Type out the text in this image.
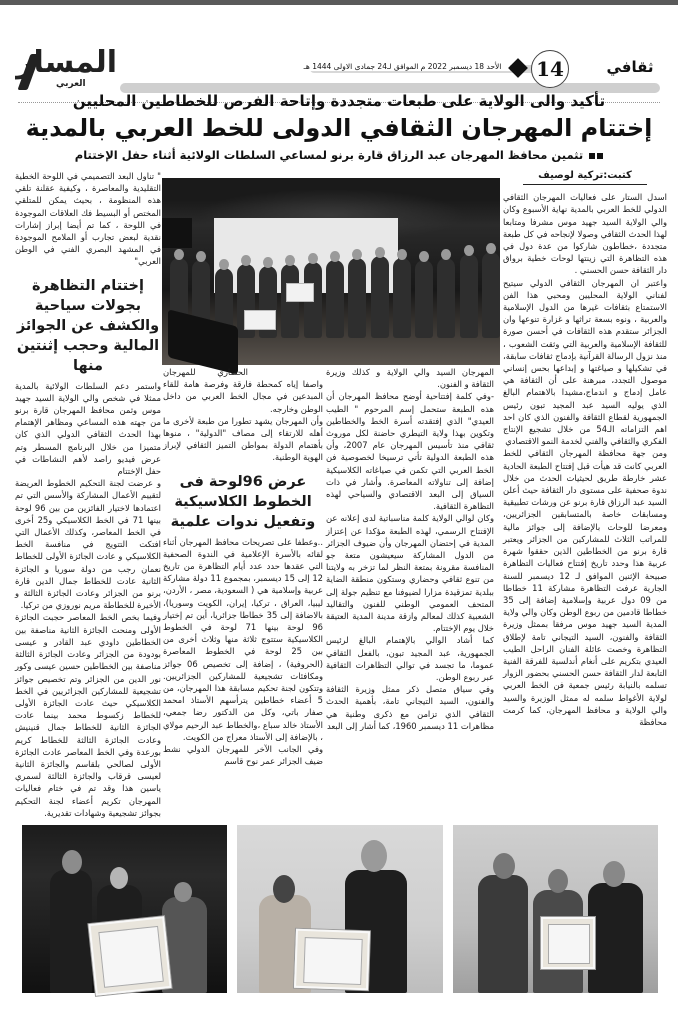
المسار
العربي
الأحد 18 ديسمبر 2022 م الموافق لـ24 جمادى الاولى 1444 هـ	14	ثقافي
تأكيد والى الولاية على طبعات متجددة وإتاحة الفرص للخطاطين المحليين
إختتام المهرجان الثقافي الدولى للخط العربي بالمدية
تثمين محافظ المهرجان عبد الرزاق قارة برنو لمساعي السلطات الولائية أثناء حفل الإختتام
كتبت:تركية لوصيف

اسدل الستار على فعاليات المهرجان الثقافي الدولي للخط العربي بالمدية نهاية الأسبوع وكان والي الولاية السيد جهيد موس مشرفا ومتابعا لهذا الحدث الثقافي وصولا لإنجاحه في كل طبعة متجددة ،خطاطون شاركوا من عدة دول في هذه التظاهرة التي زينتها لوحات خطية برواق دار الثقافة حسن الحسني .

واعتبر ان المهرجان الثقافي الدولي سيتيح لفناني الولاية المحليين ومحبي هذا الفن الاستمتاع بثقافات غيرها من الدول الإسلامية والعربية ، ونوه بسعة تراثها و غزارة تنوعها وان الجزائر ستقدم هذه الثقافات في أحسن صورة للثقافة الإسلامية والعربية التي وثقت الشعوب ، منذ نزول الرسالة القرآنية بإدماج ثقافات سابقة، في تشكيلها و صياغتها و إبداعها بحس إنساني موصول التجدد، مبرهنة على أن الثقافة هي عامل إدماج و اندماج،مشيدا بالاهتمام البالغ الذي يوليه السيد عبد المجيد تبون رئيس الجمهورية لقطاع الثقافة والفنون الذي كان احد اهم التزاماته الـ54 من خلال تشجيع الإنتاج الفكري والثقافي والفني لخدمة النمو الاقتصادي

ومن جهة محافظة المهرجان الثقافي للخط العربي كانت قد هيأت قبل إفتتاح الطبعة الحادية عشر خارطة طريق لحيثيات الحدث من خلال ندوة صحفية على مستوى دار الثقافة حيث أعلن السيد عبد الرزاق قارة برنو عن ورشات تطبيقية ومسابقات خاصة بالمتسابقين الجزائريين، ومعرضا للوحات بالإضافة إلى جوائز مالية للمراتب الثلاث للمشاركين من الجزائر ويعتبر قارة برنو من الخطاطين الذين حققوا شهرة عربية هذا وحدد تاريخ إفتتاح فعاليات التظاهرة صبيحة الإثنين الموافق لـ 12 ديسمبر للسنة الجارية عرفت التظاهرة مشاركة 11 خطاطا من 09 دول عربية وإسلامية إضافة إلى 35 خطاطا قادمين من ربوع الوطن وكان والي ولاية المدية السيد جهيد موس مرفقا بممثل وزيرة الثقافة والفنون، السيد التيجاني تامة لإطلاق التظاهرة وخصت عائلة الفنان الراحل الطيب العيدي بتكريم على أنغام أندلسية للفرقة الفنية التابعة لدار الثقافة حسن الحسني بحضور الزوار تسلمه بالنيابة رئيس جمعية فن الخط العربي لولاية الأغواط سلمه له ممثل الوزيرة والسيد والي الولاية و محافظ المهرجان، كما كرمت محافظة

المهرجان السيد والي الولاية و كذلك وزيرة الثقافة و الفنون.

-وفي كلمة إفتتاحية أوضح محافظ المهرجان أن هذه الطبعة ستحمل إسم المرحوم " الطيب العيدي" الذي إفتقدته أسرة الخط والخطاطين وتكوين بهذا ولاية التيطري حاضنة لكل موروث ثقافي منذ تأسيس المهرجان عام 2007، وأن هذه الطبعة الدولية تأتي ترسيخا لخصوصية فن الخط العربي التي تكمن في صياغاته الكلاسيكية إضافة إلى تناولاته المعاصرة. وأشار في ذات السياق إلى البعد الاقتصادي والسياحي لهذه التظاهرة الثقافية.

وكان لوالي الولاية كلمة مناسباتية لدى إعلانه عن الإفتتاح الرسمي، لهذه الطبعة مؤكدا عن إعتزاز المدية في إحتضان المهرجان وأن ضيوف الجزائر من الدول المشاركة سيعيشون متعة جو المنافسة مقرونة بمتعة النظر لما تزخر به ولايتنا من تنوع ثقافي وحضاري وستكون منطقة الضاية ببلدية تمزقيدة مزارا لضيوفنا مع تنظيم جولة إلى المتحف العمومي الوطني للفنون والتقاليد الشعبية كذلك لمعالم وازقة مدينة المدية العتيقة خلال يوم الإختتام.

كما أشاد الوالي بالإهتمام البالغ لرئيس الجمهورية، عبد المجيد تبون، بالفعل الثقافي عموما، ما تجسد في توالي التظاهرات الثقافية عبر ربوع الوطن.

وفي سياق متصل ذكر ممثل وزيرة الثقافة والفنون، السيد التيجاني تامة، بأهمية الحدث الثقافي الذي تزامن مع ذكرى وطنية هي مظاهرات 11 ديسمبر 1960، كما أشار إلى البعد

الحضاري للمهرجان واصفا إياه كمحطة فارقة وفرصة هامة للقاء المبدعين في مجال الخط العربي من داخل الوطن وخارجه.

وأن المهرجان يشهد تطورا من طبعة لأخرى ما أهله للارتقاء إلى مصاف "الدولية" ، منوها بأهتمام الدولة بمواطن التميز الثقافي لإبراز الهوية الوطنية.

عرض 96لوحة فى الخطوط الكلاسيكية وتفعيل ندوات علمية

..وعطفا على تصريحات محافظ المهرجان أثناء لقائه بالأسرة الإعلامية في الندوة الصحفية التي عقدها حدد عدد أيام التظاهرة من تاريخ 12 إلى 15 ديسمبر، بمجموع 11 دولة مشاركة عربية وإسلامية هي ( السعودية، مصر ، الأردن، ليبيا، العراق ، تركيا، إيران، الكويت وسوريا)، بالاضافة إلى 35 خطاطا جزائريا، أين تم إختيار 96 لوحة بينها 71 لوحة في الخطوط الكلاسيكية ستتوج ثلاثة منها وثلاث أخرى من بين 25 لوحة في الخطوط المعاصرة (الحروفية) ، إضافة إلى تخصيص 06 جوائز ومكافئات تشجيعية للمشاركين الجزائريين. وتتكون لجنة تحكيم مسابقة هذا المهرجان، من 5 أعضاء خطاطين يترأسهم الأستاذ امحمد صفار باتي، وكل من الدكتور رضا جمعي، الأستاذ خالد سباع ،والخطاط عبد الرحيم مولاي ، بالإضافة إلى الأستاذ معراج من الكويت.

وفي الجانب الآخر للمهرجان الدولي نشط ضيف الجزائر عمر نوح قاسم

" تناول البعد التصميمي في اللوحة الخطية التقليدية والمعاصرة ، وكيفية عقلنة تلقي هذه المنظومة ، بحيث يمكن للمتلقي المختص أو البسيط فك العلاقات الموجودة في اللوحة ، كما تم أيضا إبراز إشارات نقدية لبعض تجارب أو الملامح الموجودة في المشهد البصري الفني في الوطن العربي"

إختتام التظاهرة بجولات سياحية والكشف عن الجوائز المالية وحجب إثنتين منها

واستمر دعم السلطات الولائية بالمدية ممثلا في شخص والي الولاية السيد جهيد موس وثمن محافظ المهرجان قارة برنو من جهته هذه المساعي ومظاهر الإهتمام بهذا الحدث الثقافي الدولي الذي كان متميزا من خلال البرنامج المسطر وتم عرض فيديو راصد لأهم النشاطات في حفل الإختتام

و عرضت لجنة التحكيم الخطوط العريضة لتقييم الأعمال المشاركة والأسس التي تم اعتمادها لاختيار الفائزين من بين 96 لوحة بينها 71 في الخط الكلاسيكي و25 أخرى في الخط المعاصر، وكذلك الأعمال التي افتكت التتويج في منافسة الخط الكلاسيكي و عادت الجائزة الأولى للخطاط نعمان رجب من دولة سوريا و الجائزة الثانية عادت للخطاط جمال الدين قارة برنو من الجزائر وعادت الجائزة الثالثة و الأخيرة للخطاطة مريم نوروزي من تركيا.

وفيما بخص الخط المعاصر حجبت الجائزة الأولى ومنحت الجائزة الثانية مناصفة بين الخطاطين داودي عبد القادر و عيسى بودودة من الجزائر وعادت الجائزة الثالثة مناصفة بين الخطاطين حسين عيسى وكور نور الدين من الجزائر وتم تخصيص جوائز تشجيعية للمشاركين الجزائريين في الخط الكلاسيكي حيث عادت الجائزة الأولى للخطاط زكسوط محمد بينما عادت الجائزة الثانية للخطاط جمال قنينيش وعادت الجائزة الثالثة للخطاط كريم بورعدة وفي الخط المعاصر عادت الجائزة الأولى لصالحي بلقاسم والجائزة الثانية لعيسى قرقاب والجائزة الثالثة لسمري ياسين هذا وقد تم في ختام فعاليات المهرجان تكريم أعضاء لجنة التحكيم بجوائز تشجيعية وشهادات تقديرية.
